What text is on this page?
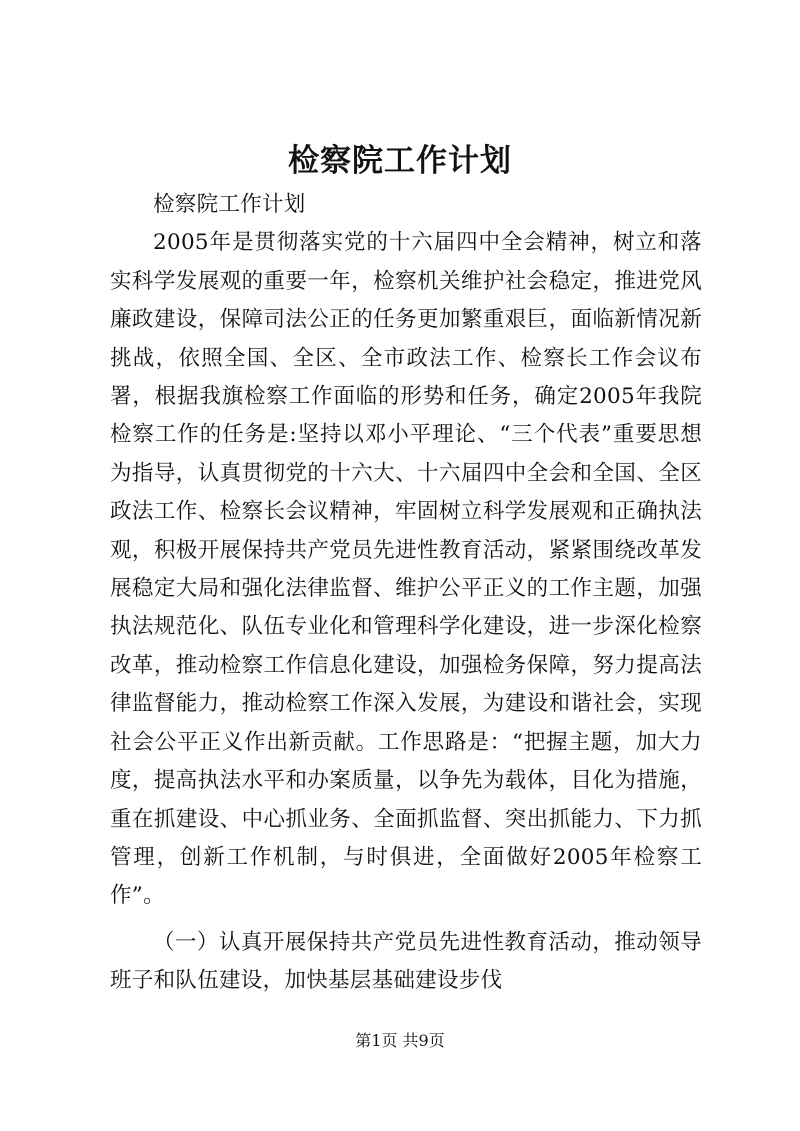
检察院工作计划

检察院工作计划

2005年是贯彻落实党的十六届四中全会精神，树立和落实科学发展观的重要一年，检察机关维护社会稳定，推进党风廉政建设，保障司法公正的任务更加繁重艰巨，面临新情况新挑战，依照全国、全区、全市政法工作、检察长工作会议布署，根据我旗检察工作面临的形势和任务，确定2005年我院检察工作的任务是:坚持以邓小平理论、“三个代表”重要思想为指导，认真贯彻党的十六大、十六届四中全会和全国、全区政法工作、检察长会议精神，牢固树立科学发展观和正确执法观，积极开展保持共产党员先进性教育活动，紧紧围绕改革发展稳定大局和强化法律监督、维护公平正义的工作主题，加强执法规范化、队伍专业化和管理科学化建设，进一步深化检察改革，推动检察工作信息化建设，加强检务保障，努力提高法律监督能力，推动检察工作深入发展，为建设和谐社会，实现社会公平正义作出新贡献。工作思路是：“把握主题，加大力度，提高执法水平和办案质量，以争先为载体，目化为措施，重在抓建设、中心抓业务、全面抓监督、突出抓能力、下力抓管理，创新工作机制，与时俱进，全面做好2005年检察工作”。

（一）认真开展保持共产党员先进性教育活动，推动领导班子和队伍建设，加快基层基础建设步伐

第1页 共9页
